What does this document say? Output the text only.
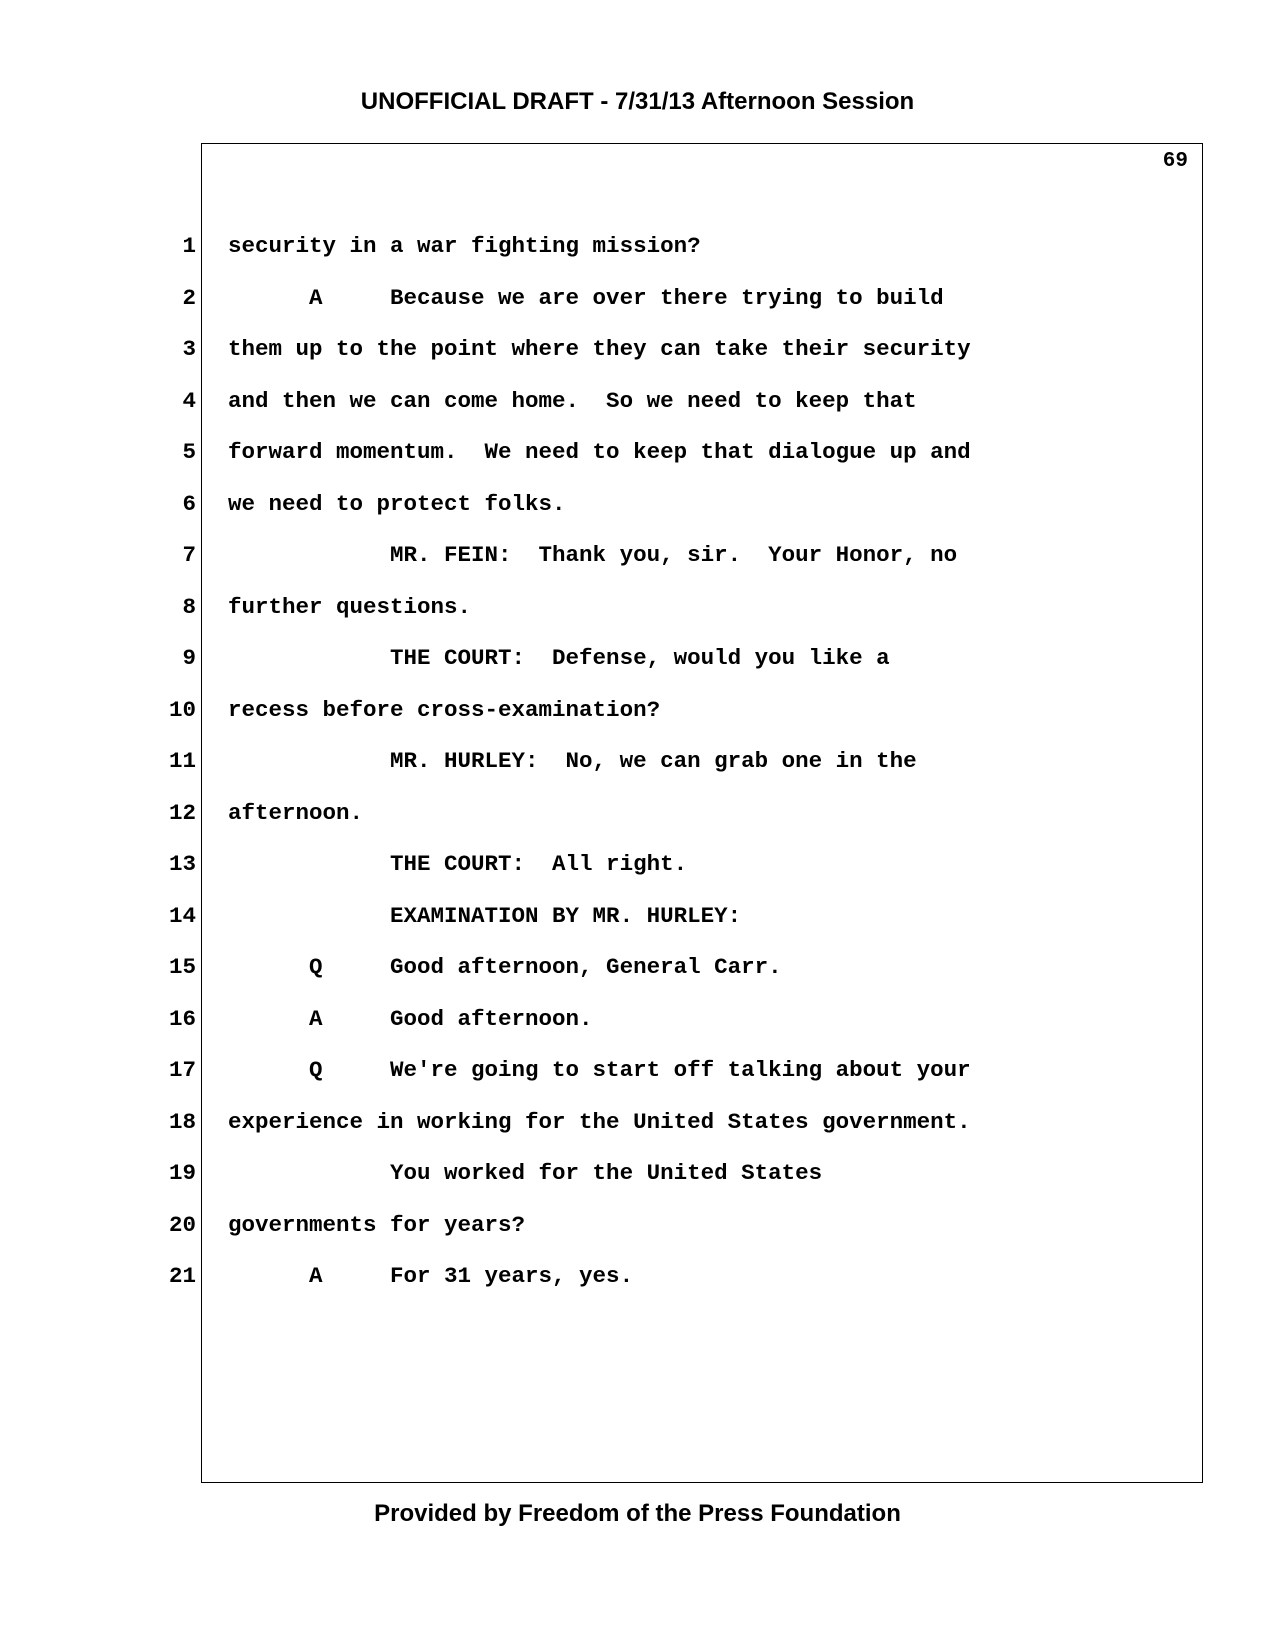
UNOFFICIAL DRAFT - 7/31/13 Afternoon Session
69
1 security in a war fighting mission?
2 A     Because we are over there trying to build
3 them up to the point where they can take their security
4 and then we can come home.  So we need to keep that
5 forward momentum.  We need to keep that dialogue up and
6 we need to protect folks.
7 MR. FEIN:  Thank you, sir.  Your Honor, no
8 further questions.
9 THE COURT:  Defense, would you like a
10 recess before cross-examination?
11 MR. HURLEY:  No, we can grab one in the
12 afternoon.
13 THE COURT:  All right.
14 EXAMINATION BY MR. HURLEY:
15 Q     Good afternoon, General Carr.
16 A     Good afternoon.
17 Q     We're going to start off talking about your
18 experience in working for the United States government.
19 You worked for the United States
20 governments for years?
21 A     For 31 years, yes.
Provided by Freedom of the Press Foundation
